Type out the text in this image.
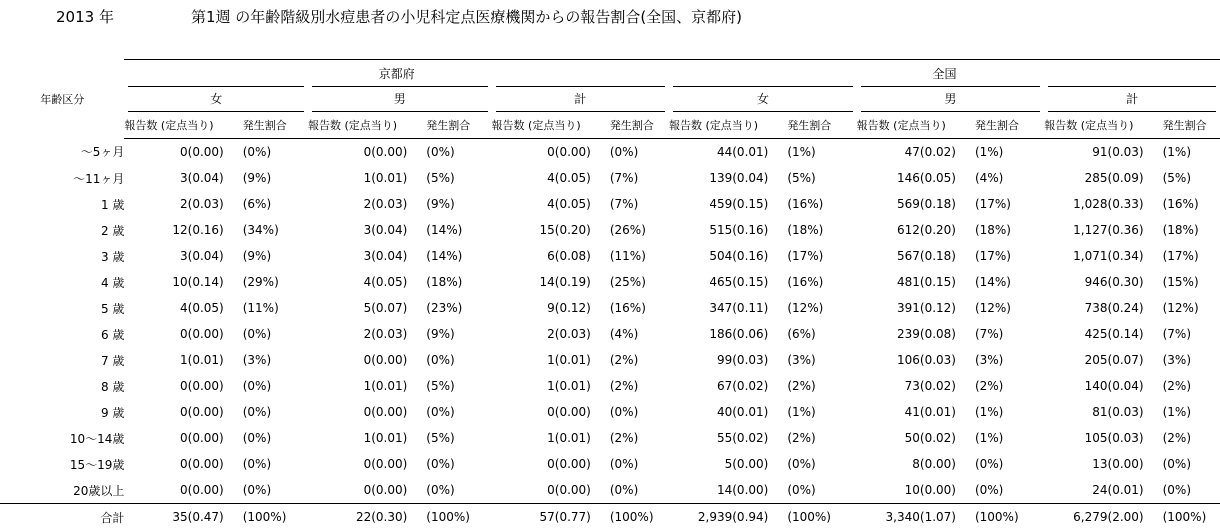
2013 年	第1週 の年齢階級別水痘患者の小児科定点医療機関からの報告割合(全国、京都府)
年齢区分	京都府									全国								

	女			男			計			女			男			計		

	報告数 (定点当り)		発生割合	報告数 (定点当り)		発生割合	報告数 (定点当り)		発生割合	報告数 (定点当り)		発生割合	報告数 (定点当り)		発生割合	報告数 (定点当り)		発生割合
～5ヶ月	0	(0.00)	(0%)	0	(0.00)	(0%)	0	(0.00)	(0%)	44	(0.01)	(1%)	47	(0.02)	(1%)	91	(0.03)	(1%)
～11ヶ月	3	(0.04)	(9%)	1	(0.01)	(5%)	4	(0.05)	(7%)	139	(0.04)	(5%)	146	(0.05)	(4%)	285	(0.09)	(5%)
1 歳	2	(0.03)	(6%)	2	(0.03)	(9%)	4	(0.05)	(7%)	459	(0.15)	(16%)	569	(0.18)	(17%)	1,028	(0.33)	(16%)
2 歳	12	(0.16)	(34%)	3	(0.04)	(14%)	15	(0.20)	(26%)	515	(0.16)	(18%)	612	(0.20)	(18%)	1,127	(0.36)	(18%)
3 歳	3	(0.04)	(9%)	3	(0.04)	(14%)	6	(0.08)	(11%)	504	(0.16)	(17%)	567	(0.18)	(17%)	1,071	(0.34)	(17%)
4 歳	10	(0.14)	(29%)	4	(0.05)	(18%)	14	(0.19)	(25%)	465	(0.15)	(16%)	481	(0.15)	(14%)	946	(0.30)	(15%)
5 歳	4	(0.05)	(11%)	5	(0.07)	(23%)	9	(0.12)	(16%)	347	(0.11)	(12%)	391	(0.12)	(12%)	738	(0.24)	(12%)
6 歳	0	(0.00)	(0%)	2	(0.03)	(9%)	2	(0.03)	(4%)	186	(0.06)	(6%)	239	(0.08)	(7%)	425	(0.14)	(7%)
7 歳	1	(0.01)	(3%)	0	(0.00)	(0%)	1	(0.01)	(2%)	99	(0.03)	(3%)	106	(0.03)	(3%)	205	(0.07)	(3%)
8 歳	0	(0.00)	(0%)	1	(0.01)	(5%)	1	(0.01)	(2%)	67	(0.02)	(2%)	73	(0.02)	(2%)	140	(0.04)	(2%)
9 歳	0	(0.00)	(0%)	0	(0.00)	(0%)	0	(0.00)	(0%)	40	(0.01)	(1%)	41	(0.01)	(1%)	81	(0.03)	(1%)
10～14歳	0	(0.00)	(0%)	1	(0.01)	(5%)	1	(0.01)	(2%)	55	(0.02)	(2%)	50	(0.02)	(1%)	105	(0.03)	(2%)
15～19歳	0	(0.00)	(0%)	0	(0.00)	(0%)	0	(0.00)	(0%)	5	(0.00)	(0%)	8	(0.00)	(0%)	13	(0.00)	(0%)
20歳以上	0	(0.00)	(0%)	0	(0.00)	(0%)	0	(0.00)	(0%)	14	(0.00)	(0%)	10	(0.00)	(0%)	24	(0.01)	(0%)
合計	35	(0.47)	(100%)	22	(0.30)	(100%)	57	(0.77)	(100%)	2,939	(0.94)	(100%)	3,340	(1.07)	(100%)	6,279	(2.00)	(100%)
